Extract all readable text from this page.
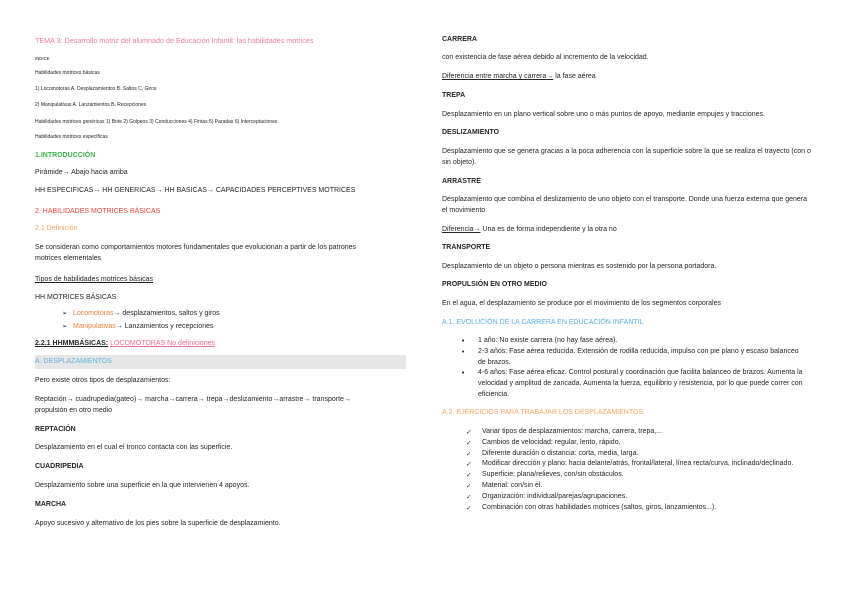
TEMA 3: Desarrollo motriz del alumnado de Educación Infantil: las habilidades motrices
INDICE
Habilidades motrices básicas
1) Locomotoras A. Desplazamientos B. Saltos C. Giros
2) Manipulativas A. Lanzamientos B. Recepciones
Habilidades motrices genéricas 1) Bote 2) Golpeos 3) Conducciones 4) Fintas 5) Paradas 6) Interceptaciones
Habilidades motrices específicas
1.INTRODUCCIÓN
Pirámide→ Abajo hacia arriba
HH ESPECIFICAS→ HH GENERICAS→ HH BASICAS→ CAPACIDADES PERCEPTIVES MOTRICES
2. HABILIDADES MOTRICES BÁSICAS
2.1 Definición
Se consideran como comportamientos motores fundamentales que evolucionan a partir de los patrones motrices elementales
Tipos de habilidades motrices básicas
HH MOTRICES BÁSICAS
➢Locomotoras→ desplazamientos, saltos y giros
➢Manipulativas→ Lanzamientos y recepciones
2.2.1 HHMMBÁSICAS: LOCOMOTORAS No definiciones
A. DESPLAZAMIENTOS
Pero existe otros tipos de desplazamientos:
Reptación→ cuadrupedia(gateo)→ marcha→carrera→ trepa→deslizamiento→arrastre→ transporte→ propulsión en otro medio
REPTACIÓN
Desplazamiento en el cual el tronco contacta con las superficie.
CUADRIPEDIA
Desplazamiento sobre una superficie en la que intervienen 4 apoyos.
MARCHA
Apoyo sucesivo y alternativo de los pies sobre la superficie de desplazamiento.
CARRERA
con existencia de fase aérea debido al incremento de la velocidad.
Diferencia entre marcha y carrera→ la fase aérea
TREPA
Desplazamiento en un plano vertical sobre uno o más puntos de apoyo, mediante empujes y tracciones.
DESLIZAMIENTO
Desplazamiento que se genera gracias a la poca adherencia con la superficie sobre la que se realiza el trayecto (con o sin objeto).
ARRASTRE
Desplazamiento que combina el deslizamiento de uno objeto con el transporte. Donde una fuerza externa que genera el movimiento
Diferencia→ Una es de forma independiente y la otra no
TRANSPORTE
Desplazamiento de un objeto o persona mientras es sostenido por la persona portadora.
PROPULSIÓN EN OTRO MEDIO
En el agua, el desplazamiento se produce por el movimiento de los segmentos corporales
A.1. EVOLUCIÓN DE LA CARRERA EN EDUCACIÓN INFANTIL
•
1 año: No existe carrera (no hay fase aérea).
•
2-3 años: Fase aérea reducida. Extensión de rodilla reducida, impulso con pie plano y escaso balanceo de brazos.
•
4-6 años: Fase aérea eficaz. Control postural y coordinación que facilita balanceo de brazos. Aumenta la velocidad y amplitud de zancada. Aumenta la fuerza, equilibrio y resistencia, por lo que puede correr con eficiencia.
A.2. EJERCICIOS PARA TRABAJAR LOS DESPLAZAMIENTOS
✓
Variar tipos de desplazamientos: marcha, carrera, trepa,...
✓
Cambios de velocidad: regular, lento, rápido.
✓
Diferente duración o distancia: corta, media, larga.
✓
Modificar dirección y plano: hacia delante/atrás, frontal/lateral, línea recta/curva, inclinado/declinado.
✓
Superficie: plana/relieves, con/sin obstáculos.
✓
Material: con/sin él.
✓
Organización: individual/parejas/agrupaciones.
✓
Combinación con otras habilidades motrices (saltos, giros, lanzamientos...).
